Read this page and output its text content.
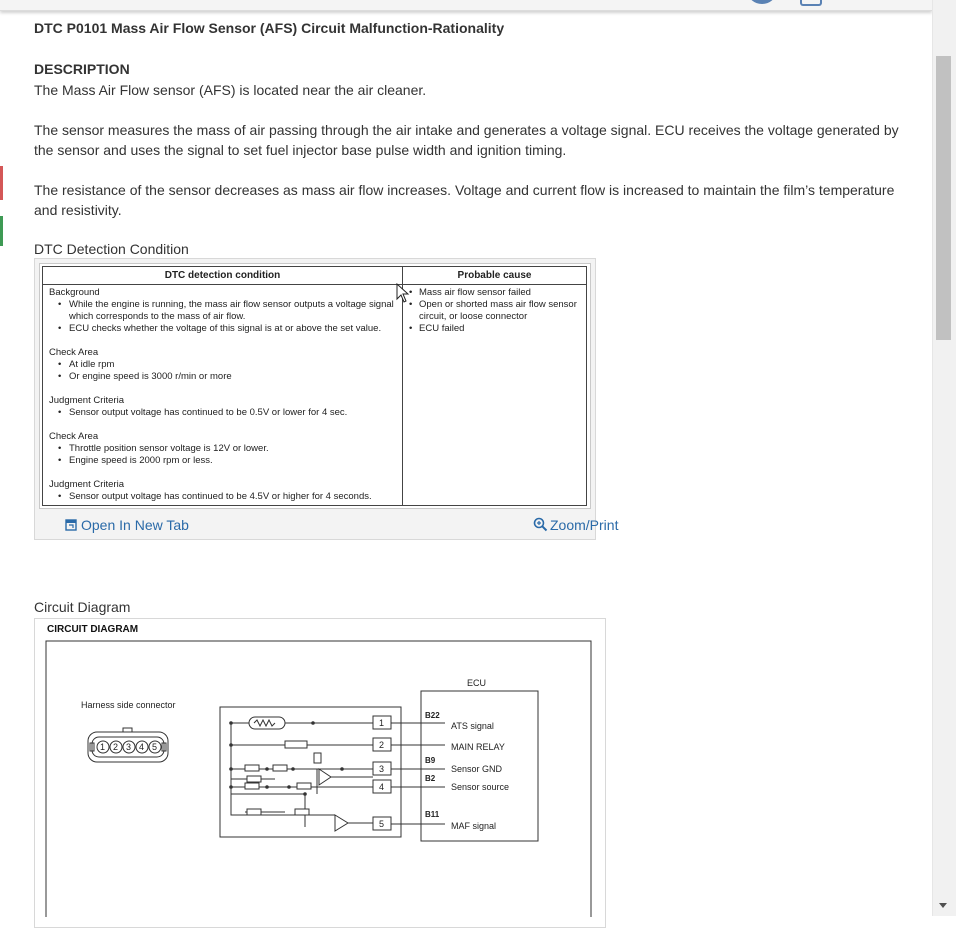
DTC P0101 Mass Air Flow Sensor (AFS) Circuit Malfunction-Rationality
DESCRIPTION
The Mass Air Flow sensor (AFS) is located near the air cleaner.
The sensor measures the mass of air passing through the air intake and generates a voltage signal. ECU receives the voltage generated by the sensor and uses the signal to set fuel injector base pulse width and ignition timing.
The resistance of the sensor decreases as mass air flow increases. Voltage and current flow is increased to maintain the film’s temperature and resistivity.
DTC Detection Condition
DTC detection condition	Probable cause
Background
• While the engine is running, the mass air flow sensor outputs a voltage signal which corresponds to the mass of air flow.
• ECU checks whether the voltage of this signal is at or above the set value.
Check Area
• At idle rpm
• Or engine speed is 3000 r/min or more
Judgment Criteria
• Sensor output voltage has continued to be 0.5V or lower for 4 sec.
Check Area
• Throttle position sensor voltage is 12V or lower.
• Engine speed is 2000 rpm or less.
Judgment Criteria
• Sensor output voltage has continued to be 4.5V or higher for 4 seconds.
• Mass air flow sensor failed
• Open or shorted mass air flow sensor circuit, or loose connector
• ECU failed
Open In New Tab	Zoom/Print
Circuit Diagram
CIRCUIT DIAGRAM
Harness side connector
1 2 3 4 5
1
2
3
4
5
ECU
B22
B9
B2
B11
ATS signal
MAIN RELAY
Sensor GND
Sensor source
MAF signal
